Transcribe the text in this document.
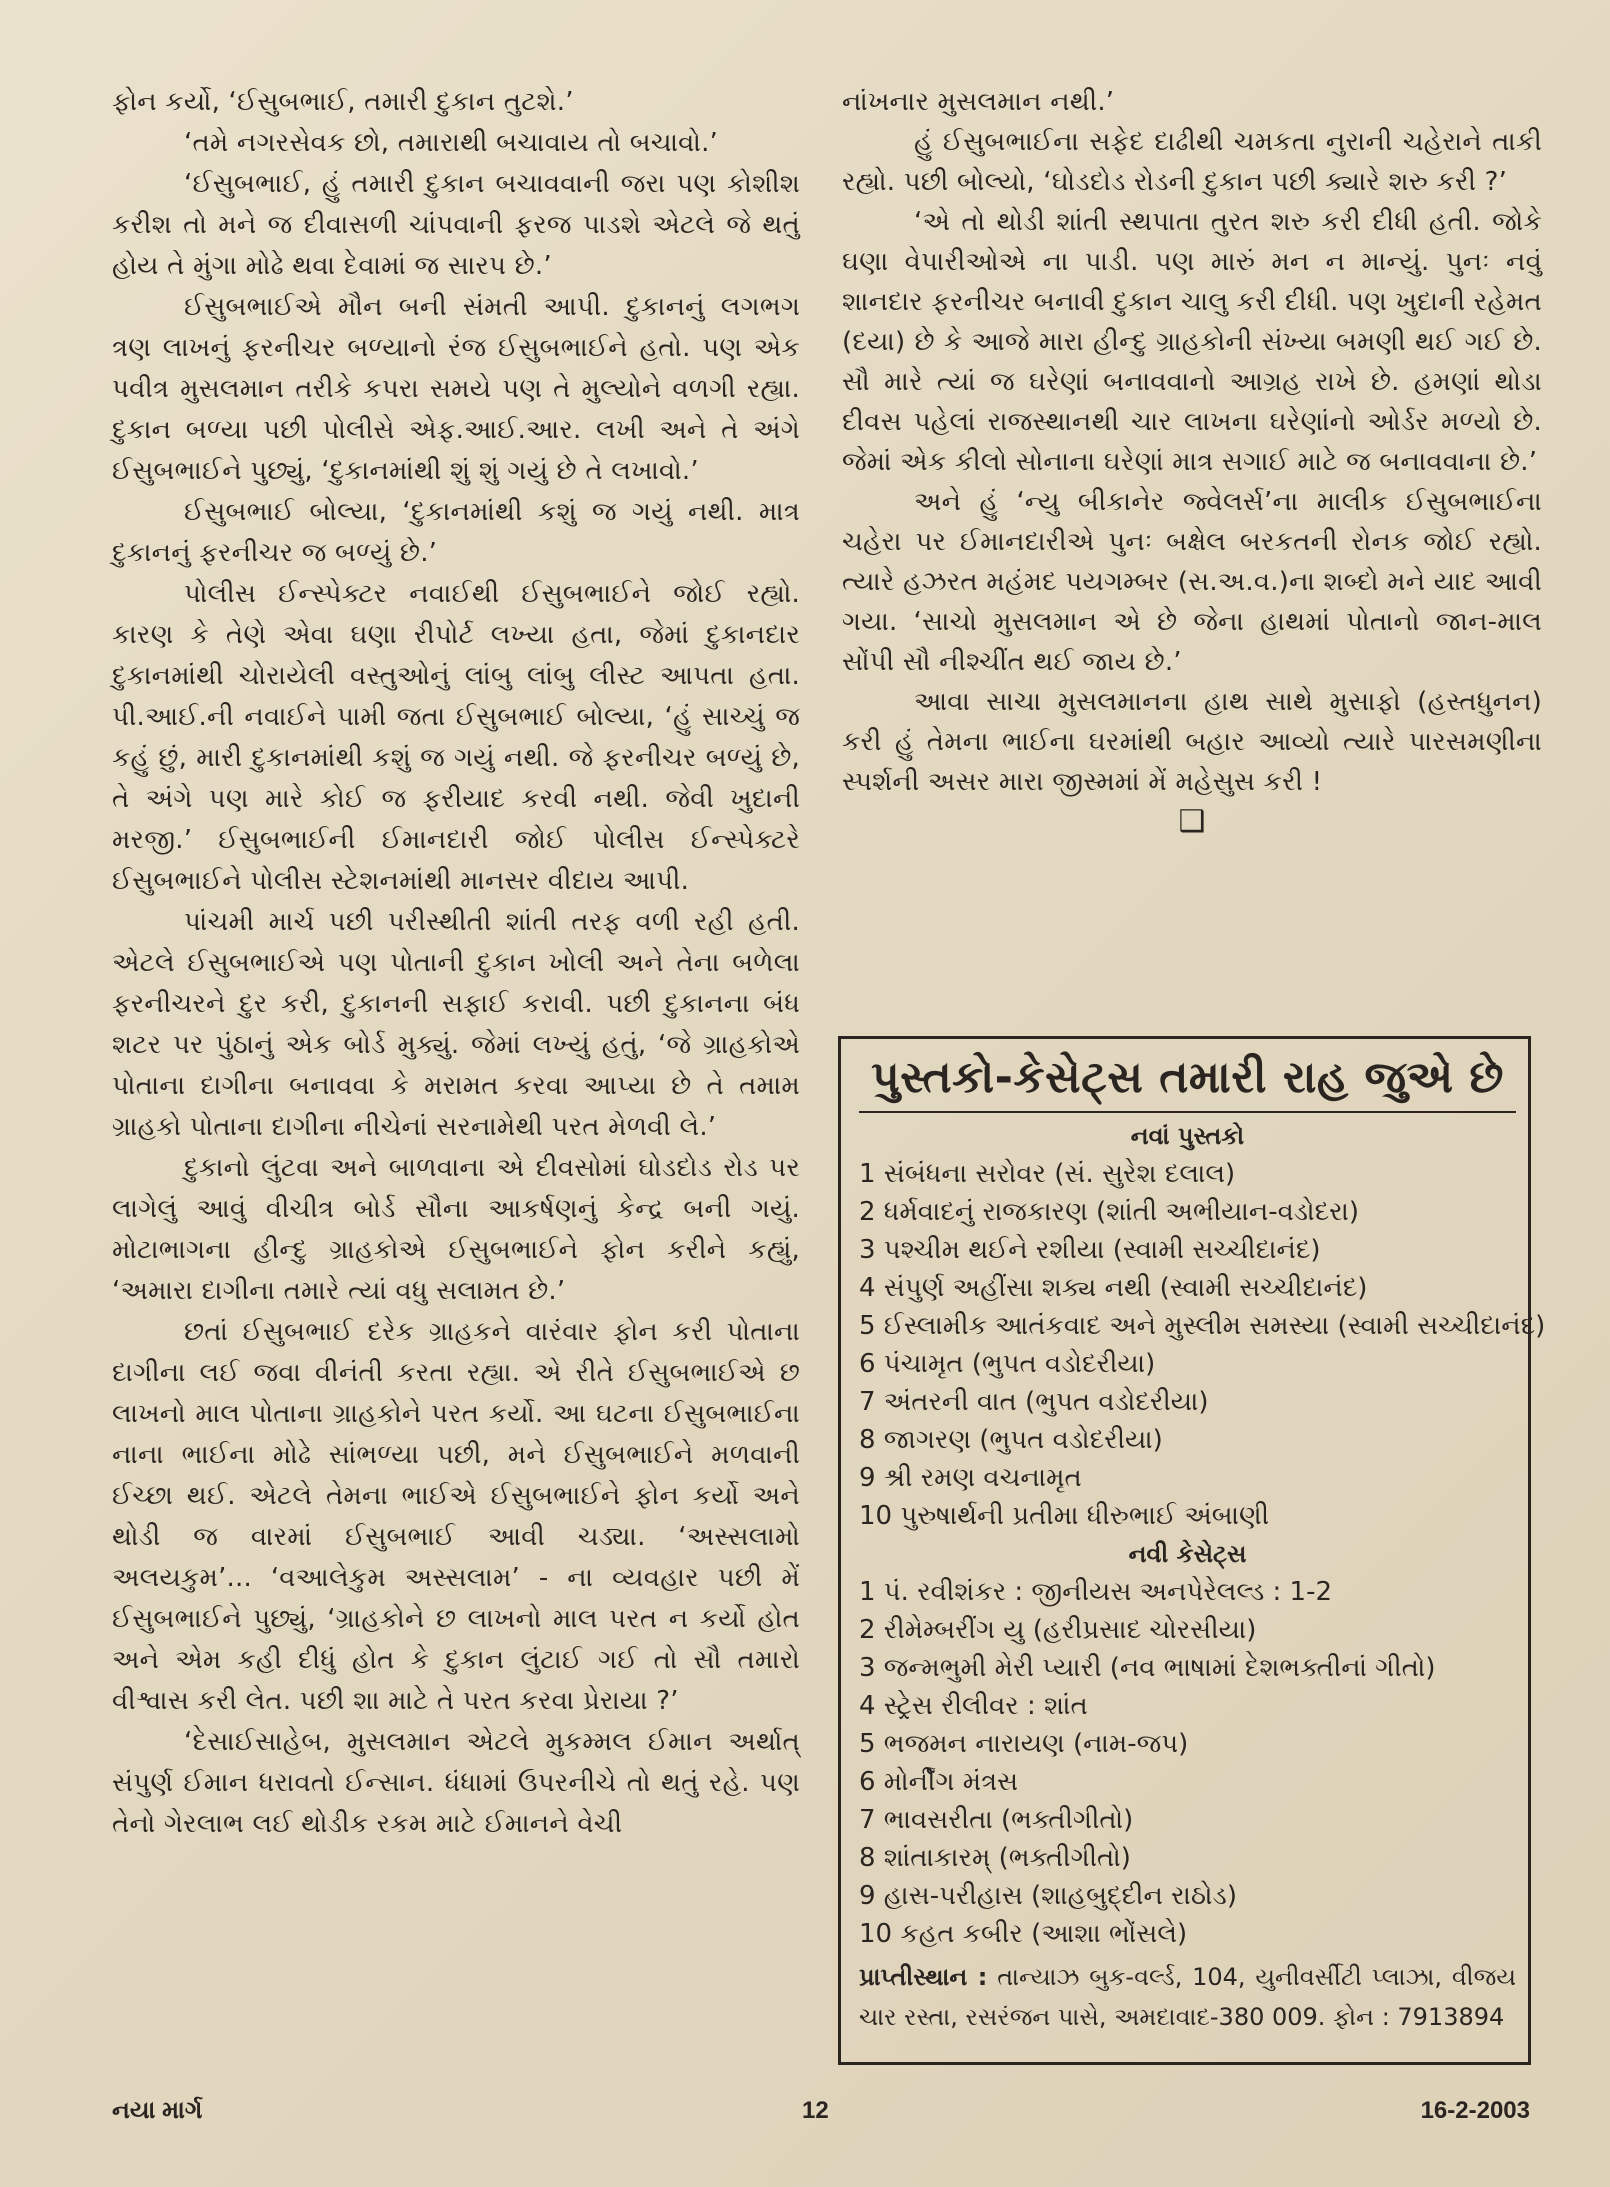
ફોન કર્યો, ‘ઈસુબભાઈ, તમારી દુકાન તુટશે.’

‘તમે નગરસેવક છો, તમારાથી બચાવાય તો બચાવો.’

‘ઈસુબભાઈ, હું તમારી દુકાન બચાવવાની જરા પણ કોશીશ કરીશ તો મને જ દીવાસળી ચાંપવાની ફરજ પાડશે એટલે જે થતું હોય તે મુંગા મોઢે થવા દેવામાં જ સારપ છે.’

ઈસુબભાઈએ મૌન બની સંમતી આપી. દુકાનનું લગભગ ત્રણ લાખનું ફરનીચર બળ્યાનો રંજ ઈસુબભાઈને હતો. પણ એક પવીત્ર મુસલમાન તરીકે કપરા સમયે પણ તે મુલ્યોને વળગી રહ્યા. દુકાન બળ્યા પછી પોલીસે એફ.આઈ.આર. લખી અને તે અંગે ઈસુબભાઈને પુછ્યું, ‘દુકાનમાંથી શું શું ગયું છે તે લખાવો.’

ઈસુબભાઈ બોલ્યા, ‘દુકાનમાંથી કશું જ ગયું નથી. માત્ર દુકાનનું ફરનીચર જ બળ્યું છે.’

પોલીસ ઈન્સ્પેક્ટર નવાઈથી ઈસુબભાઈને જોઈ રહ્યો. કારણ કે તેણે એવા ઘણા રીપોર્ટ લખ્યા હતા, જેમાં દુકાનદાર દુકાનમાંથી ચોરાયેલી વસ્તુઓનું લાંબુ લાંબુ લીસ્ટ આપતા હતા. પી.આઈ.ની નવાઈને પામી જતા ઈસુબભાઈ બોલ્યા, ‘હું સાચ્ચું જ કહું છું, મારી દુકાનમાંથી કશું જ ગયું નથી. જે ફરનીચર બળ્યું છે, તે અંગે પણ મારે કોઈ જ ફરીયાદ કરવી નથી. જેવી ખુદાની મરજી.’ ઈસુબભાઈની ઈમાનદારી જોઈ પોલીસ ઈન્સ્પેક્ટરે ઈસુબભાઈને પોલીસ સ્ટેશનમાંથી માનસર વીદાય આપી.

પાંચમી માર્ચ પછી પરીસ્થીતી શાંતી તરફ વળી રહી હતી. એટલે ઈસુબભાઈએ પણ પોતાની દુકાન ખોલી અને તેના બળેલા ફરનીચરને દુર કરી, દુકાનની સફાઈ કરાવી. પછી દુકાનના બંધ શટર પર પુંઠાનું એક બોર્ડ મુક્યું. જેમાં લખ્યું હતું, ‘જે ગ્રાહકોએ પોતાના દાગીના બનાવવા કે મરામત કરવા આપ્યા છે તે તમામ ગ્રાહકો પોતાના દાગીના નીચેનાં સરનામેથી પરત મેળવી લે.’

દુકાનો લુંટવા અને બાળવાના એ દીવસોમાં ઘોડદોડ રોડ પર લાગેલું આવું વીચીત્ર બોર્ડ સૌના આકર્ષણનું કેન્દ્ર બની ગયું. મોટાભાગના હીન્દુ ગ્રાહકોએ ઈસુબભાઈને ફોન કરીને કહ્યું, ‘અમારા દાગીના તમારે ત્યાં વધુ સલામત છે.’

છતાં ઈસુબભાઈ દરેક ગ્રાહકને વારંવાર ફોન કરી પોતાના દાગીના લઈ જવા વીનંતી કરતા રહ્યા. એ રીતે ઈસુબભાઈએ છ લાખનો માલ પોતાના ગ્રાહકોને પરત કર્યો. આ ઘટના ઈસુબભાઈના નાના ભાઈના મોઢે સાંભળ્યા પછી, મને ઈસુબભાઈને મળવાની ઈચ્છા થઈ. એટલે તેમના ભાઈએ ઈસુબભાઈને ફોન કર્યો અને થોડી જ વારમાં ઈસુબભાઈ આવી ચડ્યા. ‘અસ્સલામો અલયકુમ’... ‘વઆલેકુમ અસ્સલામ’ - ના વ્યવહાર પછી મેં ઈસુબભાઈને પુછ્યું, ‘ગ્રાહકોને છ લાખનો માલ પરત ન કર્યો હોત અને એમ કહી દીધું હોત કે દુકાન લુંટાઈ ગઈ તો સૌ તમારો વીશ્વાસ કરી લેત. પછી શા માટે તે પરત કરવા પ્રેરાયા ?’

‘દેસાઈસાહેબ, મુસલમાન એટલે મુકમ્મલ ઈમાન અર્થાત્ સંપુર્ણ ઈમાન ધરાવતો ઈન્સાન. ધંધામાં ઉપરનીચે તો થતું રહે. પણ તેનો ગેરલાભ લઈ થોડીક રકમ માટે ઈમાનને વેચી

નાંખનાર મુસલમાન નથી.’

હું ઈસુબભાઈના સફેદ દાઢીથી ચમકતા નુરાની ચહેરાને તાકી રહ્યો. પછી બોલ્યો, ‘ઘોડદોડ રોડની દુકાન પછી ક્યારે શરુ કરી ?’

‘એ તો થોડી શાંતી સ્થપાતા તુરત શરુ કરી દીધી હતી. જોકે ઘણા વેપારીઓએ ના પાડી. પણ મારું મન ન માન્યું. પુનઃ નવું શાનદાર ફરનીચર બનાવી દુકાન ચાલુ કરી દીધી. પણ ખુદાની રહેમત (દયા) છે કે આજે મારા હીન્દુ ગ્રાહકોની સંખ્યા બમણી થઈ ગઈ છે. સૌ મારે ત્યાં જ ઘરેણાં બનાવવાનો આગ્રહ રાખે છે. હમણાં થોડા દીવસ પહેલાં રાજસ્થાનથી ચાર લાખના ઘરેણાંનો ઓર્ડર મળ્યો છે. જેમાં એક કીલો સોનાના ઘરેણાં માત્ર સગાઈ માટે જ બનાવવાના છે.’

અને હું ‘ન્યુ બીકાનેર જ્વેલર્સ’ના માલીક ઈસુબભાઈના ચહેરા પર ઈમાનદારીએ પુનઃ બક્ષેલ બરકતની રોનક જોઈ રહ્યો. ત્યારે હઝરત મહંમદ પયગમ્બર (સ.અ.વ.)ના શબ્દો મને યાદ આવી ગયા. ‘સાચો મુસલમાન એ છે જેના હાથમાં પોતાનો જાન-માલ સોંપી સૌ નીશ્ચીંત થઈ જાય છે.’

આવા સાચા મુસલમાનના હાથ સાથે મુસાફો (હસ્તધુનન) કરી હું તેમના ભાઈના ઘરમાંથી બહાર આવ્યો ત્યારે પારસમણીના સ્પર્શની અસર મારા જીસ્મમાં મેં મહેસુસ કરી !

❑
પુસ્તકો-કેસેટ્સ તમારી રાહ જુએ છે

નવાં પુસ્તકો

1 સંબંધના સરોવર (સં. સુરેશ દલાલ)
2 ધર્મવાદનું રાજકારણ (શાંતી અભીયાન-વડોદરા)
3 પશ્ચીમ થઈને રશીયા (સ્વામી સચ્ચીદાનંદ)
4 સંપુર્ણ અહીંસા શક્ય નથી (સ્વામી સચ્ચીદાનંદ)
5 ઈસ્લામીક આતંકવાદ અને મુસ્લીમ સમસ્યા (સ્વામી સચ્ચીદાનંદ)
6 પંચામૃત (ભુપત વડોદરીયા)
7 અંતરની વાત (ભુપત વડોદરીયા)
8 જાગરણ (ભુપત વડોદરીયા)
9 શ્રી રમણ વચનામૃત
10 પુરુષાર્થની પ્રતીમા ધીરુભાઈ અંબાણી

નવી કેસેટ્સ

1 પં. રવીશંકર : જીનીયસ અનપેરેલલ્ડ : 1-2
2 રીમેમ્બરીંગ યુ (હરીપ્રસાદ ચોરસીયા)
3 જન્મભુમી મેરી પ્યારી (નવ ભાષામાં દેશભક્તીનાં ગીતો)
4 સ્ટ્રેસ રીલીવર : શાંત
5 ભજમન નારાયણ (નામ-જપ)
6 મોર્નીંગ મંત્રસ
7 ભાવસરીતા (ભક્તીગીતો)
8 શાંતાકારમ્ (ભક્તીગીતો)
9 હાસ-પરીહાસ (શાહબુદ્દીન રાઠોડ)
10 કહત કબીર (આશા ભોંસલે)

પ્રાપ્તીસ્થાન : તાન્યાઝ બુક-વર્લ્ડ, 104, યુનીવર્સીટી પ્લાઝા, વીજય ચાર રસ્તા, રસરંજન પાસે, અમદાવાદ-380 009. ફોન : 7913894

નયા માર્ગ	12	16-2-2003
